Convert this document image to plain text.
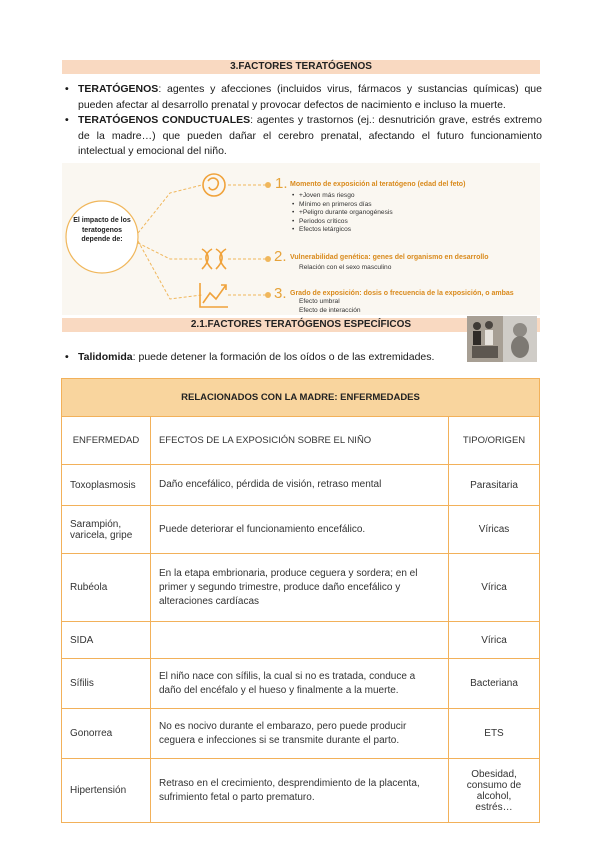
3.FACTORES TERATÓGENOS
• TERATÓGENOS: agentes y afecciones (incluidos virus, fármacos y sustancias químicas) que pueden afectar al desarrollo prenatal y provocar defectos de nacimiento e incluso la muerte.
• TERATÓGENOS CONDUCTUALES: agentes y trastornos (ej.: desnutrición grave, estrés extremo de la madre…) que pueden dañar el cerebro prenatal, afectando el futuro funcionamiento intelectual y emocional del niño.
El impacto de los teratogenos depende de:
1. Momento de exposición al teratógeno (edad del feto)
• +Joven más riesgo
• Mínimo en primeros días
• +Peligro durante organogénesis
• Periodos críticos
• Efectos letárgicos
2. Vulnerabilidad genética: genes del organismo en desarrollo
Relación con el sexo masculino
3. Grado de exposición: dosis o frecuencia de la exposición, o ambas
Efecto umbral
Efecto de interacción
2.1.FACTORES TERATÓGENOS ESPECÍFICOS
• Talidomida: puede detener la formación de los oídos o de las extremidades.
RELACIONADOS CON LA MADRE: ENFERMEDADES		
ENFERMEDAD	EFECTOS DE LA EXPOSICIÓN SOBRE EL NIÑO	TIPO/ORIGEN
Toxoplasmosis	Daño encefálico, pérdida de visión, retraso mental	Parasitaria
Sarampión, varicela, gripe	Puede deteriorar el funcionamiento encefálico.	Víricas
Rubéola	En la etapa embrionaria, produce ceguera y sordera; en el primer y segundo trimestre, produce daño encefálico y alteraciones cardíacas	Vírica
SIDA		Vírica
Sífilis	El niño nace con sífilis, la cual si no es tratada, conduce a daño del encéfalo y el hueso y finalmente a la muerte.	Bacteriana
Gonorrea	No es nocivo durante el embarazo, pero puede producir ceguera e infecciones si se transmite durante el parto.	ETS
Hipertensión	Retraso en el crecimiento, desprendimiento de la placenta, sufrimiento fetal o parto prematuro.	Obesidad, consumo de alcohol, estrés…
